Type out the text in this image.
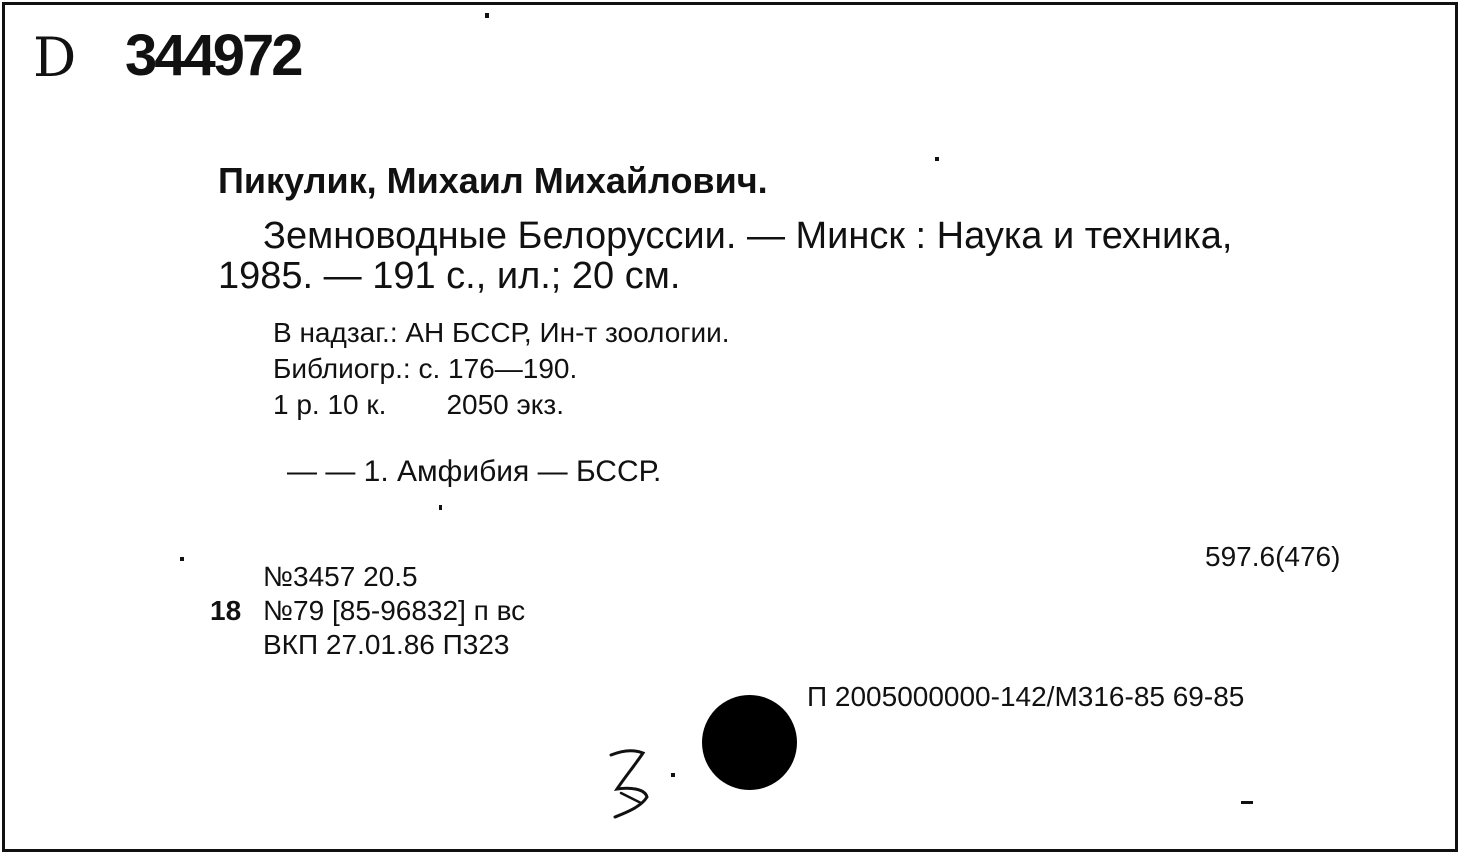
D 344972
Пикулик, Михаил Михайлович.
Земноводные Белоруссии. — Минск : Наука и техника,
1985. — 191 с., ил.; 20 см.
В надзаг.: АН БССР, Ин-т зоологии.
Библиогр.: с. 176—190.
1 р. 10 к. 2050 экз.
— — 1. Амфибия — БССР.
597.6(476)
18
№3457 20.5
№79 [85-96832] п вс
ВКП 27.01.86 П323
П 2005000000-142/М316-85 69-85
